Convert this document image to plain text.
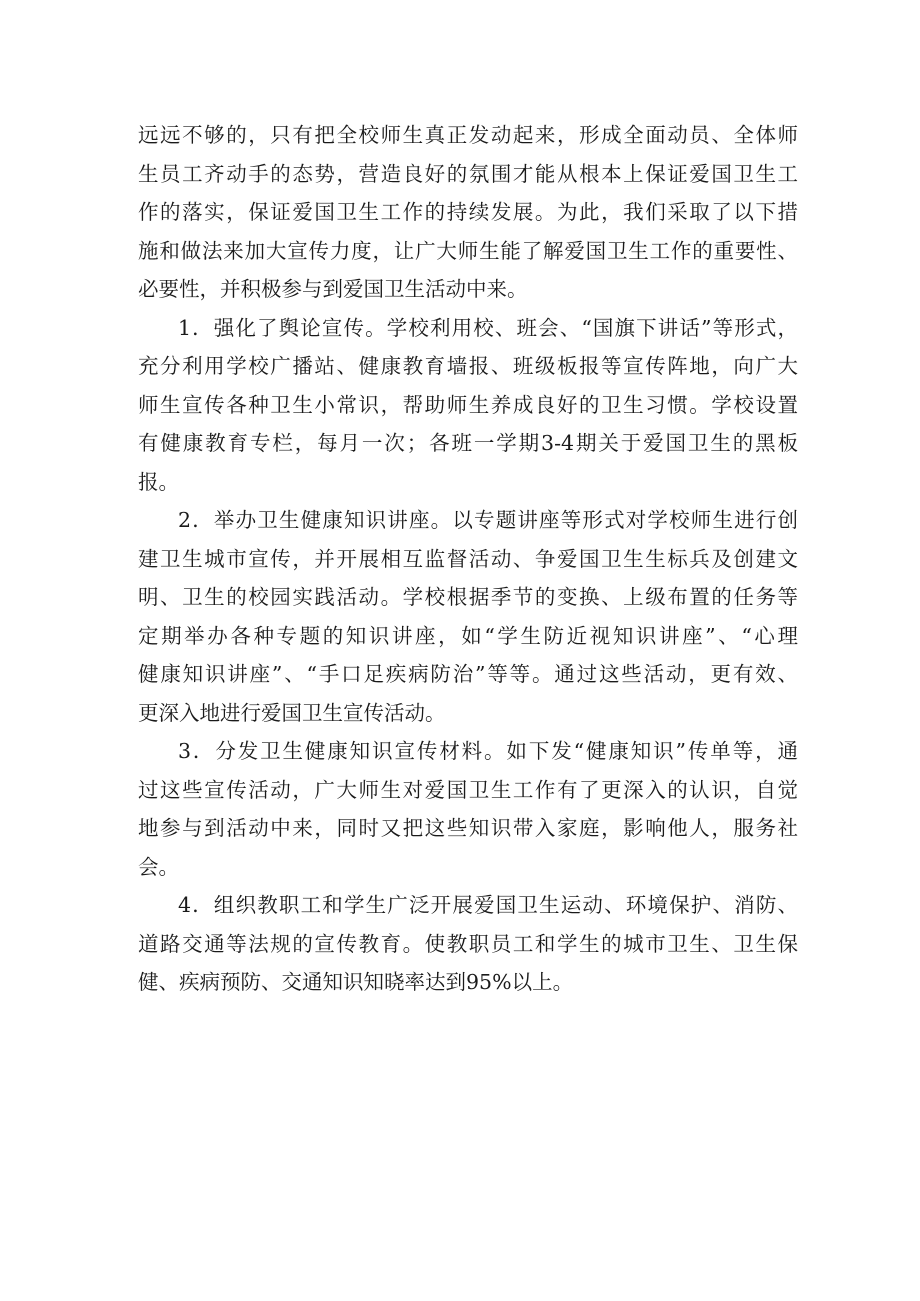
远远不够的，只有把全校师生真正发动起来，形成全面动员、全体师
生员工齐动手的态势，营造良好的氛围才能从根本上保证爱国卫生工
作的落实，保证爱国卫生工作的持续发展。为此，我们采取了以下措
施和做法来加大宣传力度，让广大师生能了解爱国卫生工作的重要性、
必要性，并积极参与到爱国卫生活动中来。
1．强化了舆论宣传。学校利用校、班会、“国旗下讲话”等形式，
充分利用学校广播站、健康教育墙报、班级板报等宣传阵地，向广大
师生宣传各种卫生小常识，帮助师生养成良好的卫生习惯。学校设置
有健康教育专栏，每月一次；各班一学期3-4期关于爱国卫生的黑板
报。
2．举办卫生健康知识讲座。以专题讲座等形式对学校师生进行创
建卫生城市宣传，并开展相互监督活动、争爱国卫生生标兵及创建文
明、卫生的校园实践活动。学校根据季节的变换、上级布置的任务等
定期举办各种专题的知识讲座，如“学生防近视知识讲座”、“心理
健康知识讲座”、“手口足疾病防治”等等。通过这些活动，更有效、
更深入地进行爱国卫生宣传活动。
3．分发卫生健康知识宣传材料。如下发“健康知识”传单等，通
过这些宣传活动，广大师生对爱国卫生工作有了更深入的认识，自觉
地参与到活动中来，同时又把这些知识带入家庭，影响他人，服务社
会。
4．组织教职工和学生广泛开展爱国卫生运动、环境保护、消防、
道路交通等法规的宣传教育。使教职员工和学生的城市卫生、卫生保
健、疾病预防、交通知识知晓率达到95%以上。
